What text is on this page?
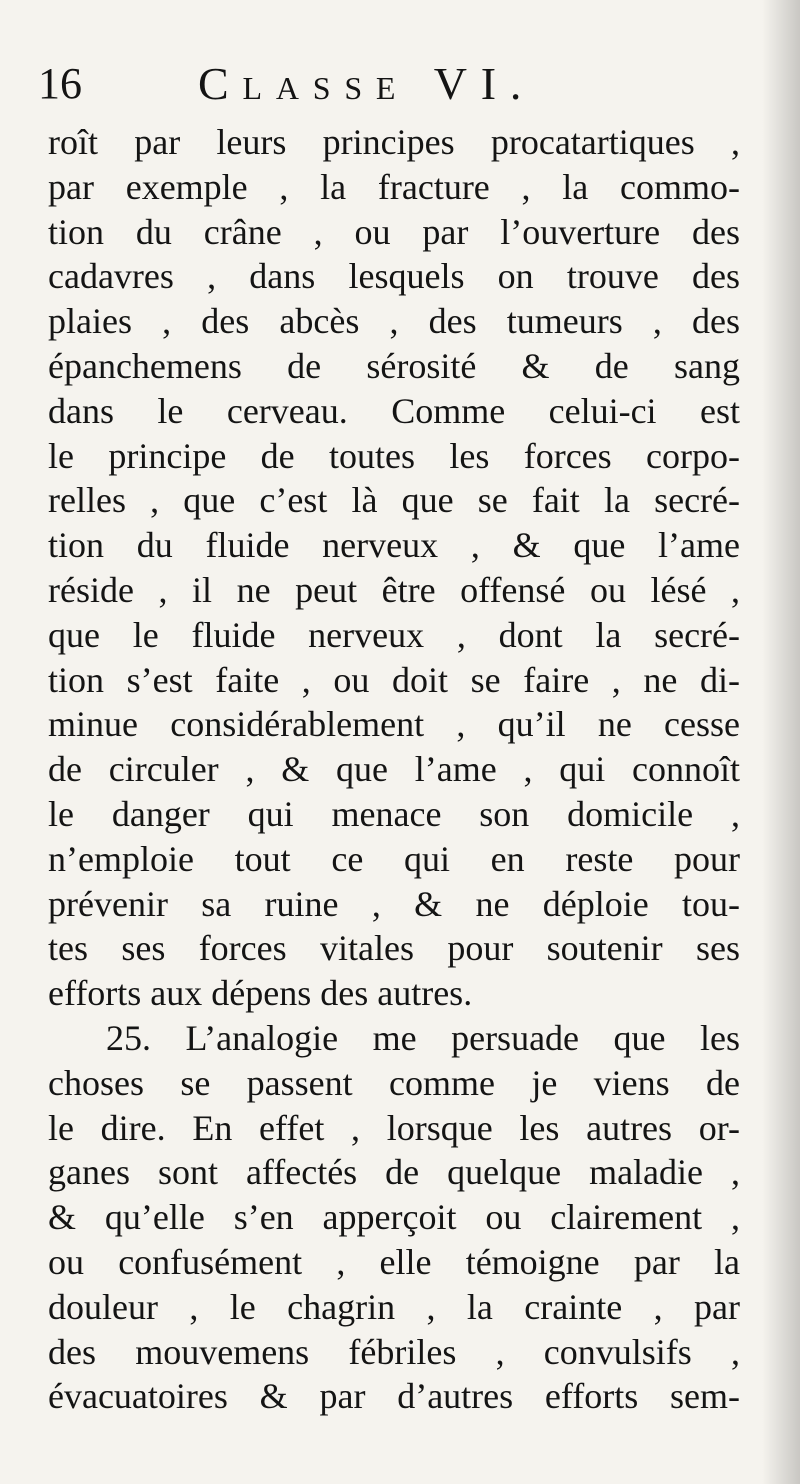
16	Classe VI.
roît par leurs principes procatartiques ,
par exemple , la fracture , la commo-
tion du crâne , ou par l’ouverture des
cadavres , dans lesquels on trouve des
plaies , des abcès , des tumeurs , des
épanchemens de sérosité & de sang
dans le cerveau. Comme celui-ci est
le principe de toutes les forces corpo-
relles , que c’est là que se fait la secré-
tion du fluide nerveux , & que l’ame
réside , il ne peut être offensé ou lésé ,
que le fluide nerveux , dont la secré-
tion s’est faite , ou doit se faire , ne di-
minue considérablement , qu’il ne cesse
de circuler , & que l’ame , qui connoît
le danger qui menace son domicile ,
n’emploie tout ce qui en reste pour
prévenir sa ruine , & ne déploie tou-
tes ses forces vitales pour soutenir ses
efforts aux dépens des autres.
25. L’analogie me persuade que les
choses se passent comme je viens de
le dire. En effet , lorsque les autres or-
ganes sont affectés de quelque maladie ,
& qu’elle s’en apperçoit ou clairement ,
ou confusément , elle témoigne par la
douleur , le chagrin , la crainte , par
des mouvemens fébriles , convulsifs ,
évacuatoires & par d’autres efforts sem-
